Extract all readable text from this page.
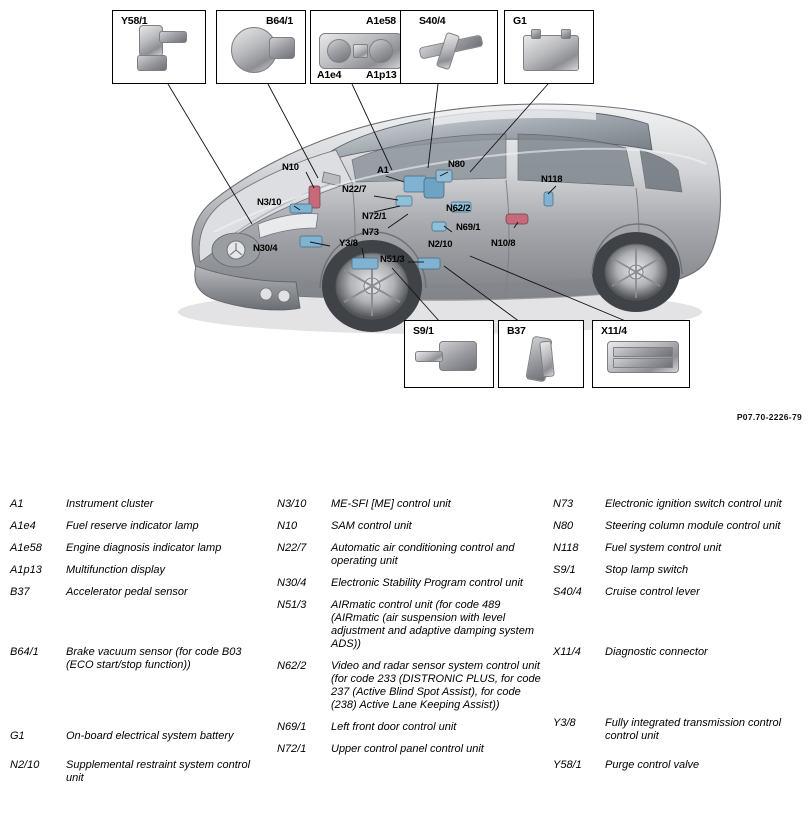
Y58/1	B64/1	A1e58
A1e4 A1p13
S40/4	G1
S9/1	B37	X11/4
N10	A1
N80
N118
N3/10
N22/7
N62/2
N72/1
N69/1
N73
N2/10	N10/8
N30/4	Y3/8
N51/3
P07.70-2226-79
A1	Instrument cluster
A1e4	Fuel reserve indicator lamp
A1e58	Engine diagnosis indicator lamp
A1p13	Multifunction display
B37	Accelerator pedal sensor
B64/1	Brake vacuum sensor (for code B03 (ECO start/stop function))
G1	On-board electrical system battery
N2/10	Supplemental restraint system control unit
N3/10	ME-SFI [ME] control unit
N10	SAM control unit
N22/7	Automatic air conditioning control and operating unit
N30/4	Electronic Stability Program control unit
N51/3	AIRmatic control unit (for code 489 (AIRmatic (air suspension with level adjustment and adaptive damping system ADS))
N62/2	Video and radar sensor system control unit (for code 233 (DISTRONIC PLUS, for code 237 (Active Blind Spot Assist), for code (238) Active Lane Keeping Assist))
N69/1	Left front door control unit
N72/1	Upper control panel control unit
N73	Electronic ignition switch control unit
N80	Steering column module control unit
N118	Fuel system control unit
S9/1	Stop lamp switch
S40/4	Cruise control lever
X11/4	Diagnostic connector
Y3/8	Fully integrated transmission control control unit
Y58/1	Purge control valve
